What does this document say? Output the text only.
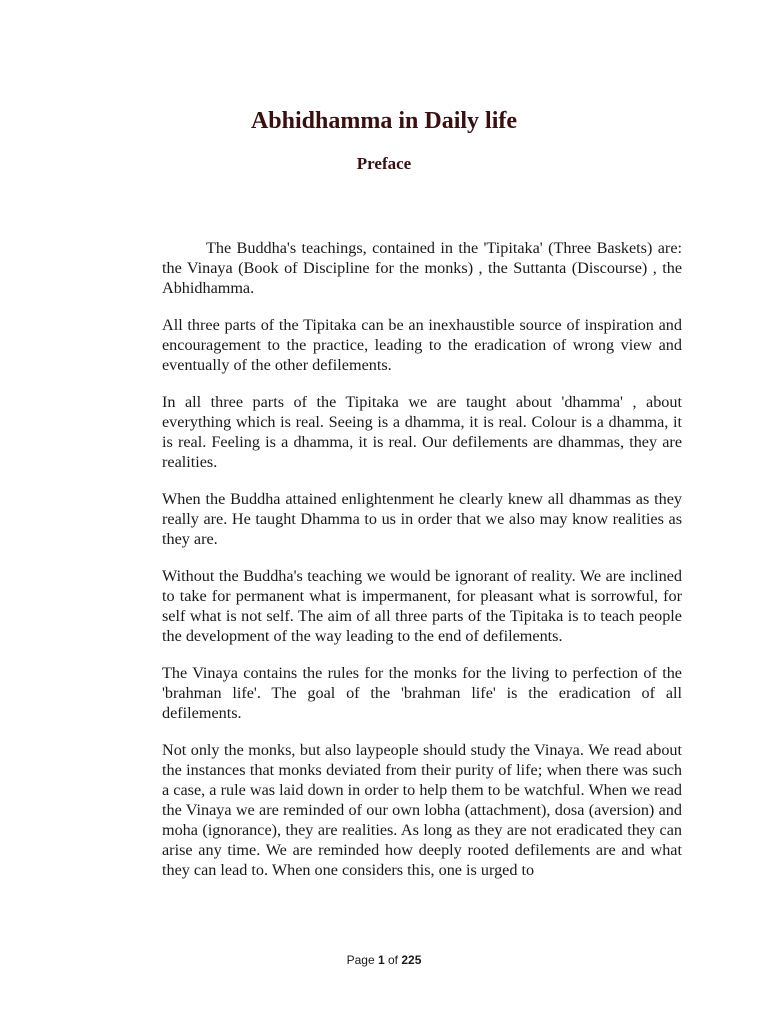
Abhidhamma in Daily life
Preface

The Buddha's teachings, contained in the 'Tipitaka' (Three Baskets) are: the Vinaya (Book of Discipline for the monks) , the Suttanta (Discourse) , the Abhidhamma.

All three parts of the Tipitaka can be an inexhaustible source of inspiration and encouragement to the practice, leading to the eradication of wrong view and eventually of the other defilements.

In all three parts of the Tipitaka we are taught about 'dhamma' , about everything which is real. Seeing is a dhamma, it is real. Colour is a dhamma, it is real. Feeling is a dhamma, it is real. Our defilements are dhammas, they are realities.

When the Buddha attained enlightenment he clearly knew all dhammas as they really are. He taught Dhamma to us in order that we also may know realities as they are.

Without the Buddha's teaching we would be ignorant of reality. We are inclined to take for permanent what is impermanent, for pleasant what is sorrowful, for self what is not self. The aim of all three parts of the Tipitaka is to teach people the development of the way leading to the end of defilements.

The Vinaya contains the rules for the monks for the living to perfection of the 'brahman life'. The goal of the 'brahman life' is the eradication of all defilements.

Not only the monks, but also laypeople should study the Vinaya. We read about the instances that monks deviated from their purity of life; when there was such a case, a rule was laid down in order to help them to be watchful. When we read the Vinaya we are reminded of our own lobha (attachment), dosa (aversion) and moha (ignorance), they are realities. As long as they are not eradicated they can arise any time. We are reminded how deeply rooted defilements are and what they can lead to. When one considers this, one is urged to

Page 1 of 225
